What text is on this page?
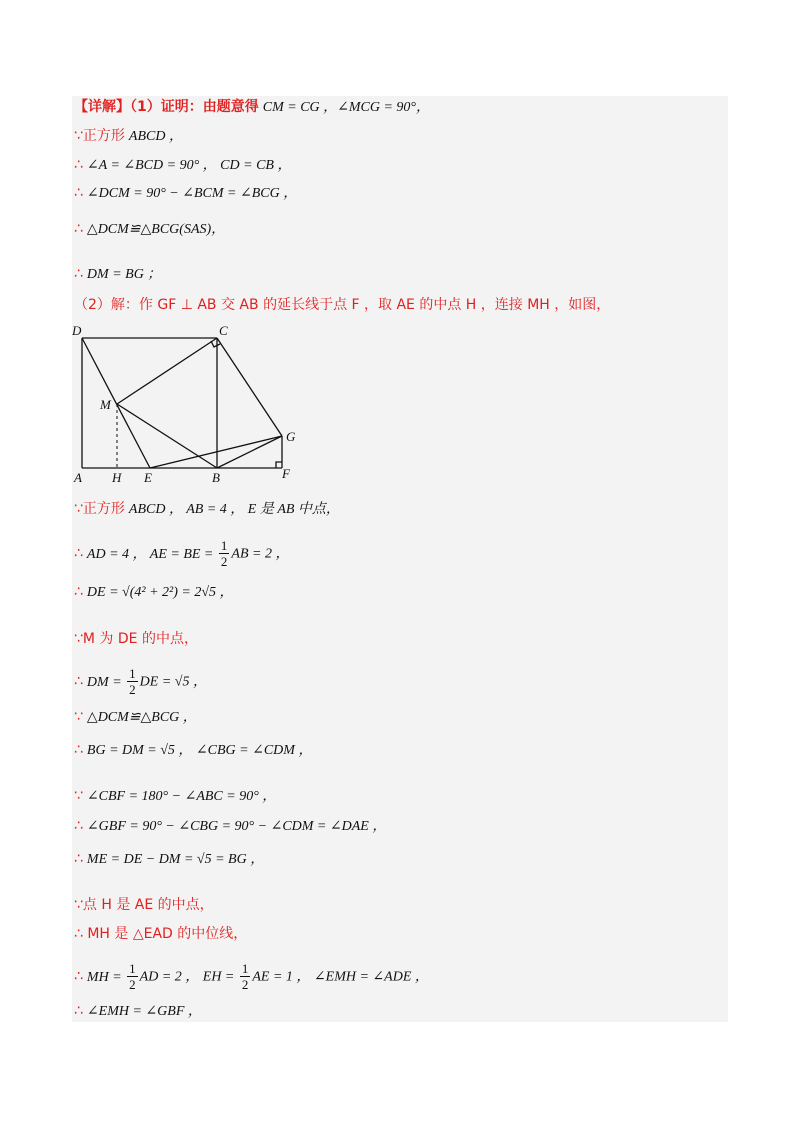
【详解】（1）证明：由题意得 CM = CG ，∠MCG = 90°，
∵正方形 ABCD ，
∴ ∠A = ∠BCD = 90° ， CD = CB ，
∴ ∠DCM = 90° − ∠BCM = ∠BCG ，
∴ △DCM≌△BCG(SAS)，
∴ DM = BG ；
（2）解：作 GF ⊥ AB 交 AB 的延长线于点 F ，取 AE 的中点 H ，连接 MH ，如图，
∵正方形 ABCD ， AB = 4 ， E 是 AB 中点，
∴ AD = 4 ， AE = BE = $\frac{1}{2}$ AB = 2 ，
∴ DE = √(4² + 2²) = 2√5 ，
∵M 为 DE 的中点，
∴ DM = $\frac{1}{2}$ DE = √5 ，
∵ △DCM≌△BCG ，
∴ BG = DM = √5 ， ∠CBG = ∠CDM ，
∵ ∠CBF = 180° − ∠ABC = 90° ，
∴ ∠GBF = 90° − ∠CBG = 90° − ∠CDM = ∠DAE ，
∴ ME = DE − DM = √5 = BG ，
∵点 H 是 AE 的中点，
∴ MH 是 △EAD 的中位线，
∴ MH = $\frac{1}{2}$ AD = 2 ， EH = $\frac{1}{2}$ AE = 1 ， ∠EMH = ∠ADE ，
∴ ∠EMH = ∠GBF ，
D	C
M
G
A H E	B	F
